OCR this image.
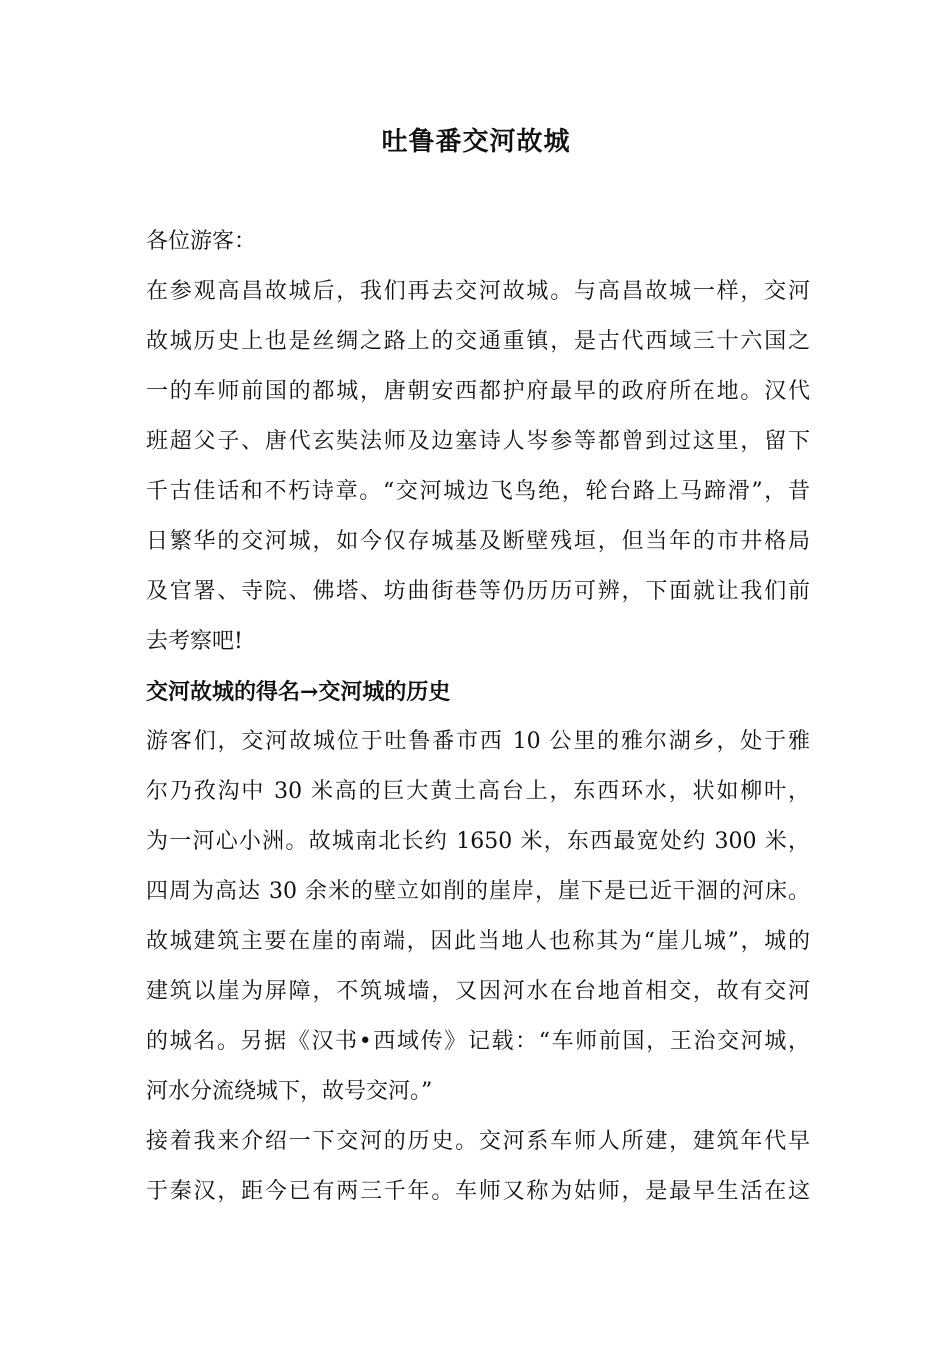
吐鲁番交河故城
各位游客：
在参观高昌故城后，我们再去交河故城。与高昌故城一样，交河
故城历史上也是丝绸之路上的交通重镇，是古代西域三十六国之
一的车师前国的都城，唐朝安西都护府最早的政府所在地。汉代
班超父子、唐代玄奘法师及边塞诗人岑参等都曾到过这里，留下
千古佳话和不朽诗章。“交河城边飞鸟绝，轮台路上马蹄滑”，昔
日繁华的交河城，如今仅存城基及断壁残垣，但当年的市井格局
及官署、寺院、佛塔、坊曲街巷等仍历历可辨，下面就让我们前
去考察吧!
交河故城的得名→交河城的历史
游客们，交河故城位于吐鲁番市西 10 公里的雅尔湖乡，处于雅
尔乃孜沟中 30 米高的巨大黄土高台上，东西环水，状如柳叶，
为一河心小洲。故城南北长约 1650 米，东西最宽处约 300 米，
四周为高达 30 余米的壁立如削的崖岸，崖下是已近干涸的河床。
故城建筑主要在崖的南端，因此当地人也称其为“崖儿城”，城的
建筑以崖为屏障，不筑城墙，又因河水在台地首相交，故有交河
的城名。另据《汉书•西域传》记载：“车师前国，王治交河城，
河水分流绕城下，故号交河。”
接着我来介绍一下交河的历史。交河系车师人所建，建筑年代早
于秦汉，距今已有两三千年。车师又称为姑师，是最早生活在这
